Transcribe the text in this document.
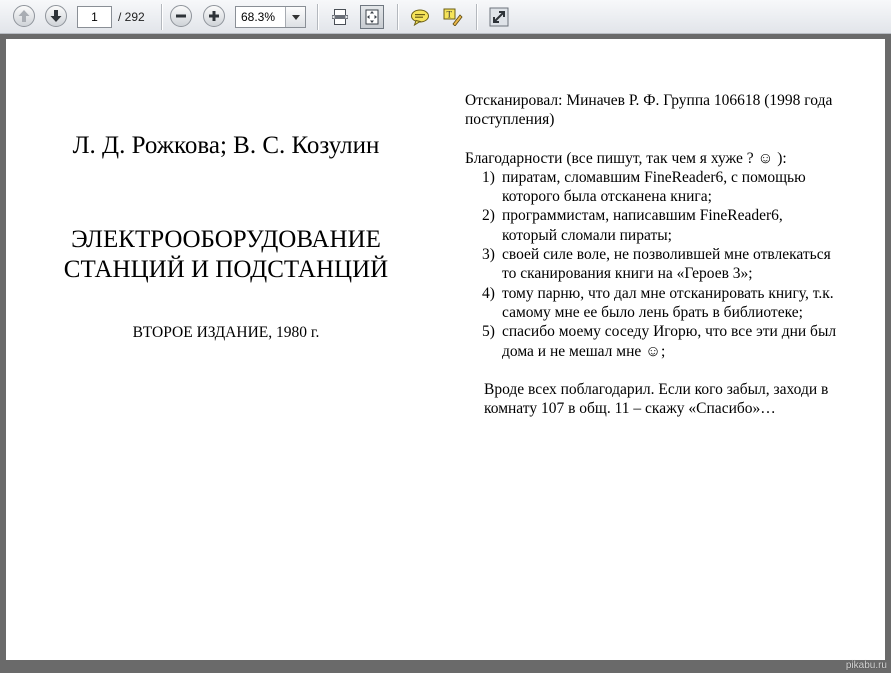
1	/ 292	68.3%	T
Л. Д. Рожкова; В. С. Козулин
ЭЛЕКТРООБОРУДОВАНИЕ
СТАНЦИЙ И ПОДСТАНЦИЙ
ВТОРОЕ ИЗДАНИЕ, 1980 г.

Отсканировал: Миначев Р. Ф. Группа 106618 (1998 года поступления)

Благодарности (все пишут, так чем я хуже ? ☺ ):

1) пиратам, сломавшим FineReader6, с помощью
которого была отсканена книга;
2) программистам, написавшим FineReader6,
который сломали пираты;
3) своей силе воле, не позволившей мне отвлекаться
то сканирования книги на «Героев 3»;
4) тому парню, что дал мне отсканировать книгу, т.к.
самому мне ее было лень брать в библиотеке;
5) спасибо моему соседу Игорю, что все эти дни был
дома и не мешал мне ☺;

Вроде всех поблагодарил. Если кого забыл, заходи в комнату 107 в общ. 11 – скажу «Спасибо»…

pikabu.ru
